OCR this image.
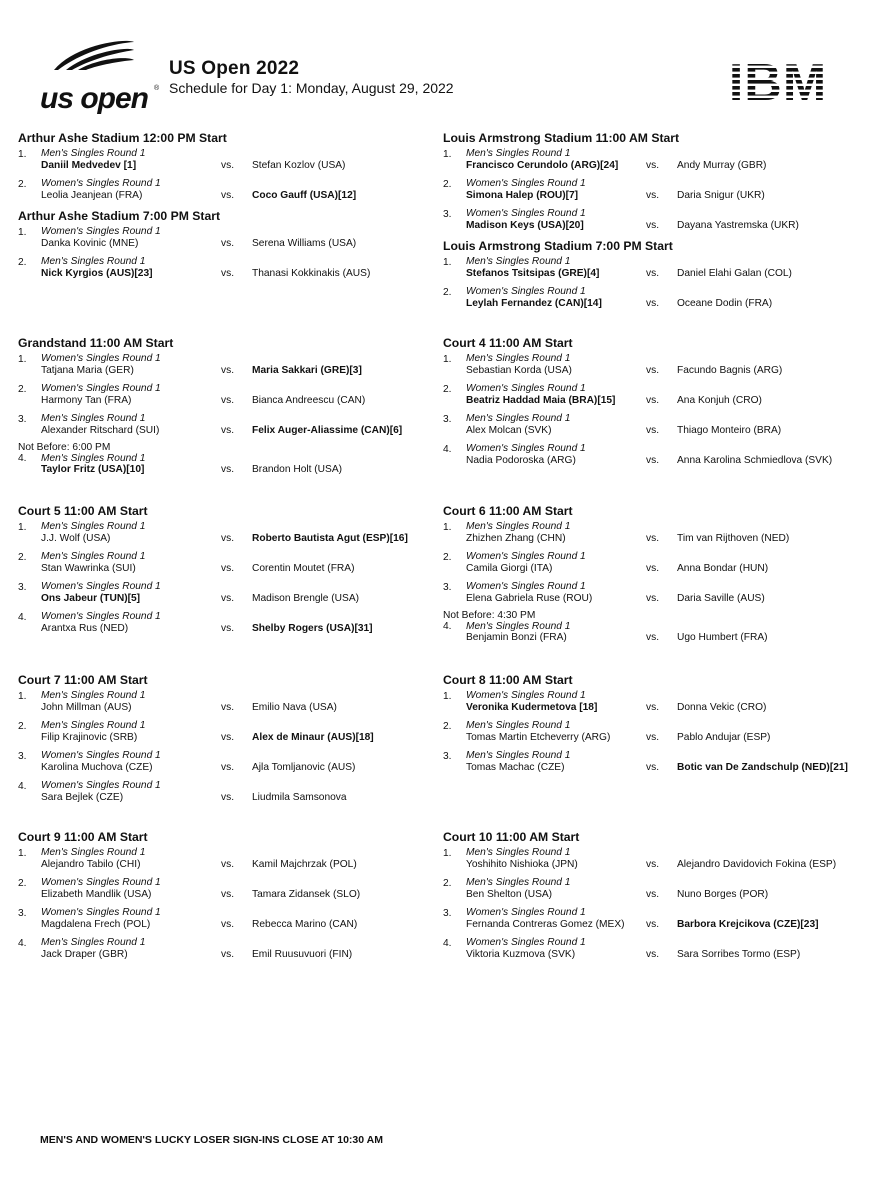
us open ®
US Open 2022
Schedule for Day 1: Monday, August 29, 2022
Arthur Ashe Stadium 12:00 PM Start
1. Men's Singles Round 1
Daniil Medvedev [1]	vs. Stefan Kozlov (USA)
2. Women's Singles Round 1
Leolia Jeanjean (FRA)	vs. Coco Gauff (USA)[12]
Arthur Ashe Stadium 7:00 PM Start
1. Women's Singles Round 1
Danka Kovinic (MNE)	vs. Serena Williams (USA)
2. Men's Singles Round 1
Nick Kyrgios (AUS)[23]	vs. Thanasi Kokkinakis (AUS)
Louis Armstrong Stadium 11:00 AM Start
1. Men's Singles Round 1
Francisco Cerundolo (ARG)[24]	vs. Andy Murray (GBR)
2. Women's Singles Round 1
Simona Halep (ROU)[7]	vs. Daria Snigur (UKR)
3. Women's Singles Round 1
Madison Keys (USA)[20]	vs. Dayana Yastremska (UKR)
Louis Armstrong Stadium 7:00 PM Start
1. Men's Singles Round 1
Stefanos Tsitsipas (GRE)[4]	vs. Daniel Elahi Galan (COL)
2. Women's Singles Round 1
Leylah Fernandez (CAN)[14]	vs. Oceane Dodin (FRA)
Grandstand 11:00 AM Start
1. Women's Singles Round 1
Tatjana Maria (GER)	vs. Maria Sakkari (GRE)[3]
2. Women's Singles Round 1
Harmony Tan (FRA)	vs. Bianca Andreescu (CAN)
3. Men's Singles Round 1
Alexander Ritschard (SUI)	vs. Felix Auger-Aliassime (CAN)[6]
Not Before: 6:00 PM
4. Men's Singles Round 1
Taylor Fritz (USA)[10]	vs. Brandon Holt (USA)
Court 4 11:00 AM Start
1. Men's Singles Round 1
Sebastian Korda (USA)	vs. Facundo Bagnis (ARG)
2. Women's Singles Round 1
Beatriz Haddad Maia (BRA)[15]	vs. Ana Konjuh (CRO)
3. Men's Singles Round 1
Alex Molcan (SVK)	vs. Thiago Monteiro (BRA)
4. Women's Singles Round 1
Nadia Podoroska (ARG)	vs. Anna Karolina Schmiedlova (SVK)
Court 5 11:00 AM Start
1. Men's Singles Round 1
J.J. Wolf (USA)	vs. Roberto Bautista Agut (ESP)[16]
2. Men's Singles Round 1
Stan Wawrinka (SUI)	vs. Corentin Moutet (FRA)
3. Women's Singles Round 1
Ons Jabeur (TUN)[5]	vs. Madison Brengle (USA)
4. Women's Singles Round 1
Arantxa Rus (NED)	vs. Shelby Rogers (USA)[31]
Court 6 11:00 AM Start
1. Men's Singles Round 1
Zhizhen Zhang (CHN)	vs. Tim van Rijthoven (NED)
2. Women's Singles Round 1
Camila Giorgi (ITA)	vs. Anna Bondar (HUN)
3. Women's Singles Round 1
Elena Gabriela Ruse (ROU)	vs. Daria Saville (AUS)
Not Before: 4:30 PM
4. Men's Singles Round 1
Benjamin Bonzi (FRA)	vs. Ugo Humbert (FRA)
Court 7 11:00 AM Start
1. Men's Singles Round 1
John Millman (AUS)	vs. Emilio Nava (USA)
2. Men's Singles Round 1
Filip Krajinovic (SRB)	vs. Alex de Minaur (AUS)[18]
3. Women's Singles Round 1
Karolina Muchova (CZE)	vs. Ajla Tomljanovic (AUS)
4. Women's Singles Round 1
Sara Bejlek (CZE)	vs. Liudmila Samsonova
Court 8 11:00 AM Start
1. Women's Singles Round 1
Veronika Kudermetova [18]	vs. Donna Vekic (CRO)
2. Men's Singles Round 1
Tomas Martin Etcheverry (ARG)	vs. Pablo Andujar (ESP)
3. Men's Singles Round 1
Tomas Machac (CZE)	vs. Botic van De Zandschulp (NED)[21]
Court 9 11:00 AM Start
1. Men's Singles Round 1
Alejandro Tabilo (CHI)	vs. Kamil Majchrzak (POL)
2. Women's Singles Round 1
Elizabeth Mandlik (USA)	vs. Tamara Zidansek (SLO)
3. Women's Singles Round 1
Magdalena Frech (POL)	vs. Rebecca Marino (CAN)
4. Men's Singles Round 1
Jack Draper (GBR)	vs. Emil Ruusuvuori (FIN)
Court 10 11:00 AM Start
1. Men's Singles Round 1
Yoshihito Nishioka (JPN)	vs. Alejandro Davidovich Fokina (ESP)
2. Men's Singles Round 1
Ben Shelton (USA)	vs. Nuno Borges (POR)
3. Women's Singles Round 1
Fernanda Contreras Gomez (MEX) vs. Barbora Krejcikova (CZE)[23]
4. Women's Singles Round 1
Viktoria Kuzmova (SVK)	vs. Sara Sorribes Tormo (ESP)
MEN'S AND WOMEN'S LUCKY LOSER SIGN-INS CLOSE AT 10:30 AM
